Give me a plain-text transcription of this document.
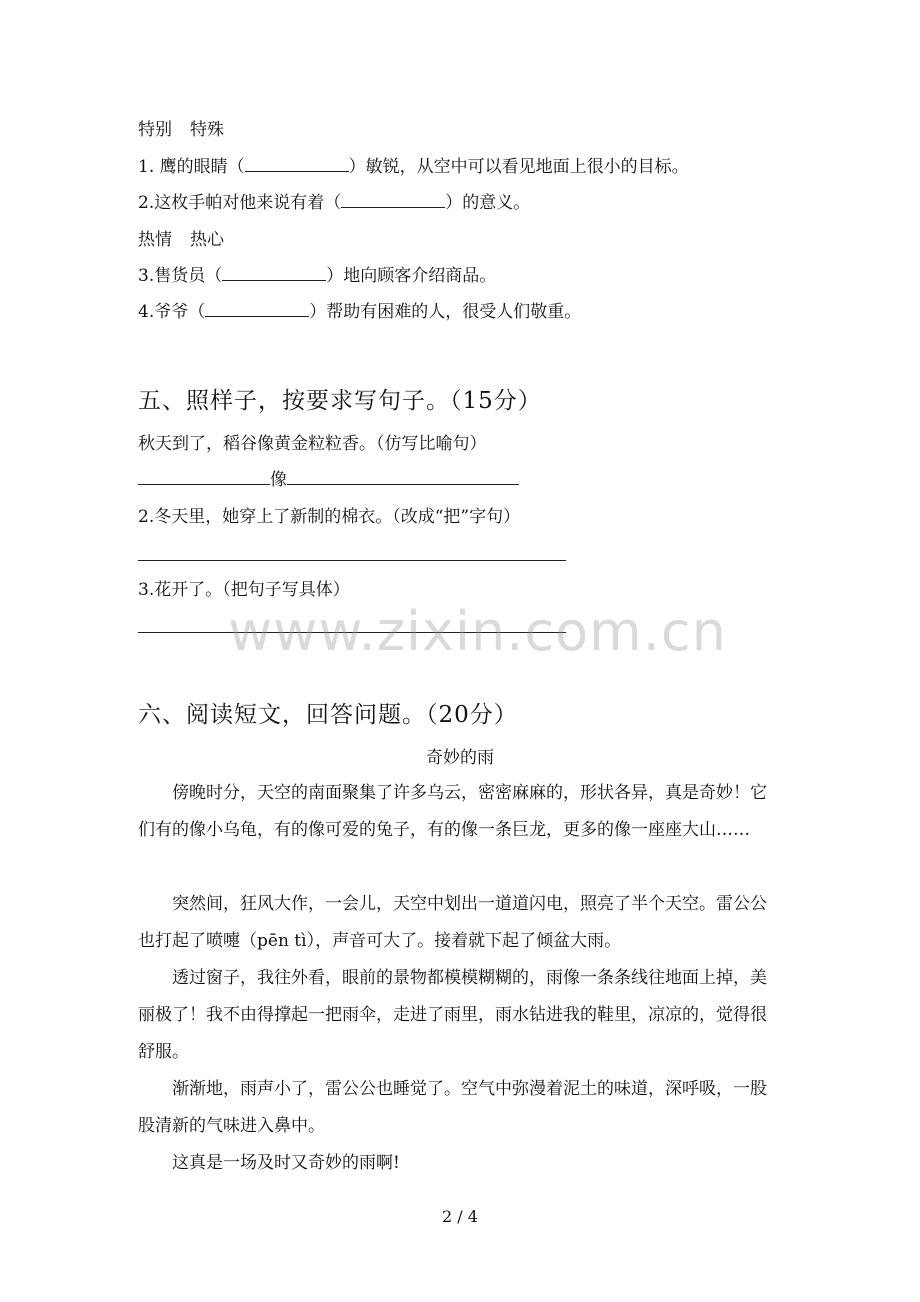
特别 特殊
1. 鹰的眼睛（	）敏锐，从空中可以看见地面上很小的目标。
2.这枚手帕对他来说有着（	）的意义。
热情 热心
3.售货员（	）地向顾客介绍商品。
4.爷爷（	）帮助有困难的人，很受人们敬重。
五、照样子，按要求写句子。（15分）
秋天到了，稻谷像黄金粒粒香。（仿写比喻句）
像
2.冬天里，她穿上了新制的棉衣。（改成“把”字句）
3.花开了。（把句子写具体）
www.zixin.com.cn
六、阅读短文，回答问题。（20分）
奇妙的雨
傍晚时分，天空的南面聚集了许多乌云，密密麻麻的，形状各异，真是奇妙！它们有的像小乌龟，有的像可爱的兔子，有的像一条巨龙，更多的像一座座大山……
突然间，狂风大作，一会儿，天空中划出一道道闪电，照亮了半个天空。雷公公也打起了喷嚏（pēn tì），声音可大了。接着就下起了倾盆大雨。
透过窗子，我往外看，眼前的景物都模模糊糊的，雨像一条条线往地面上掉，美丽极了！我不由得撑起一把雨伞，走进了雨里，雨水钻进我的鞋里，凉凉的，觉得很舒服。
渐渐地，雨声小了，雷公公也睡觉了。空气中弥漫着泥土的味道，深呼吸，一股股清新的气味进入鼻中。
这真是一场及时又奇妙的雨啊!
2 / 4
